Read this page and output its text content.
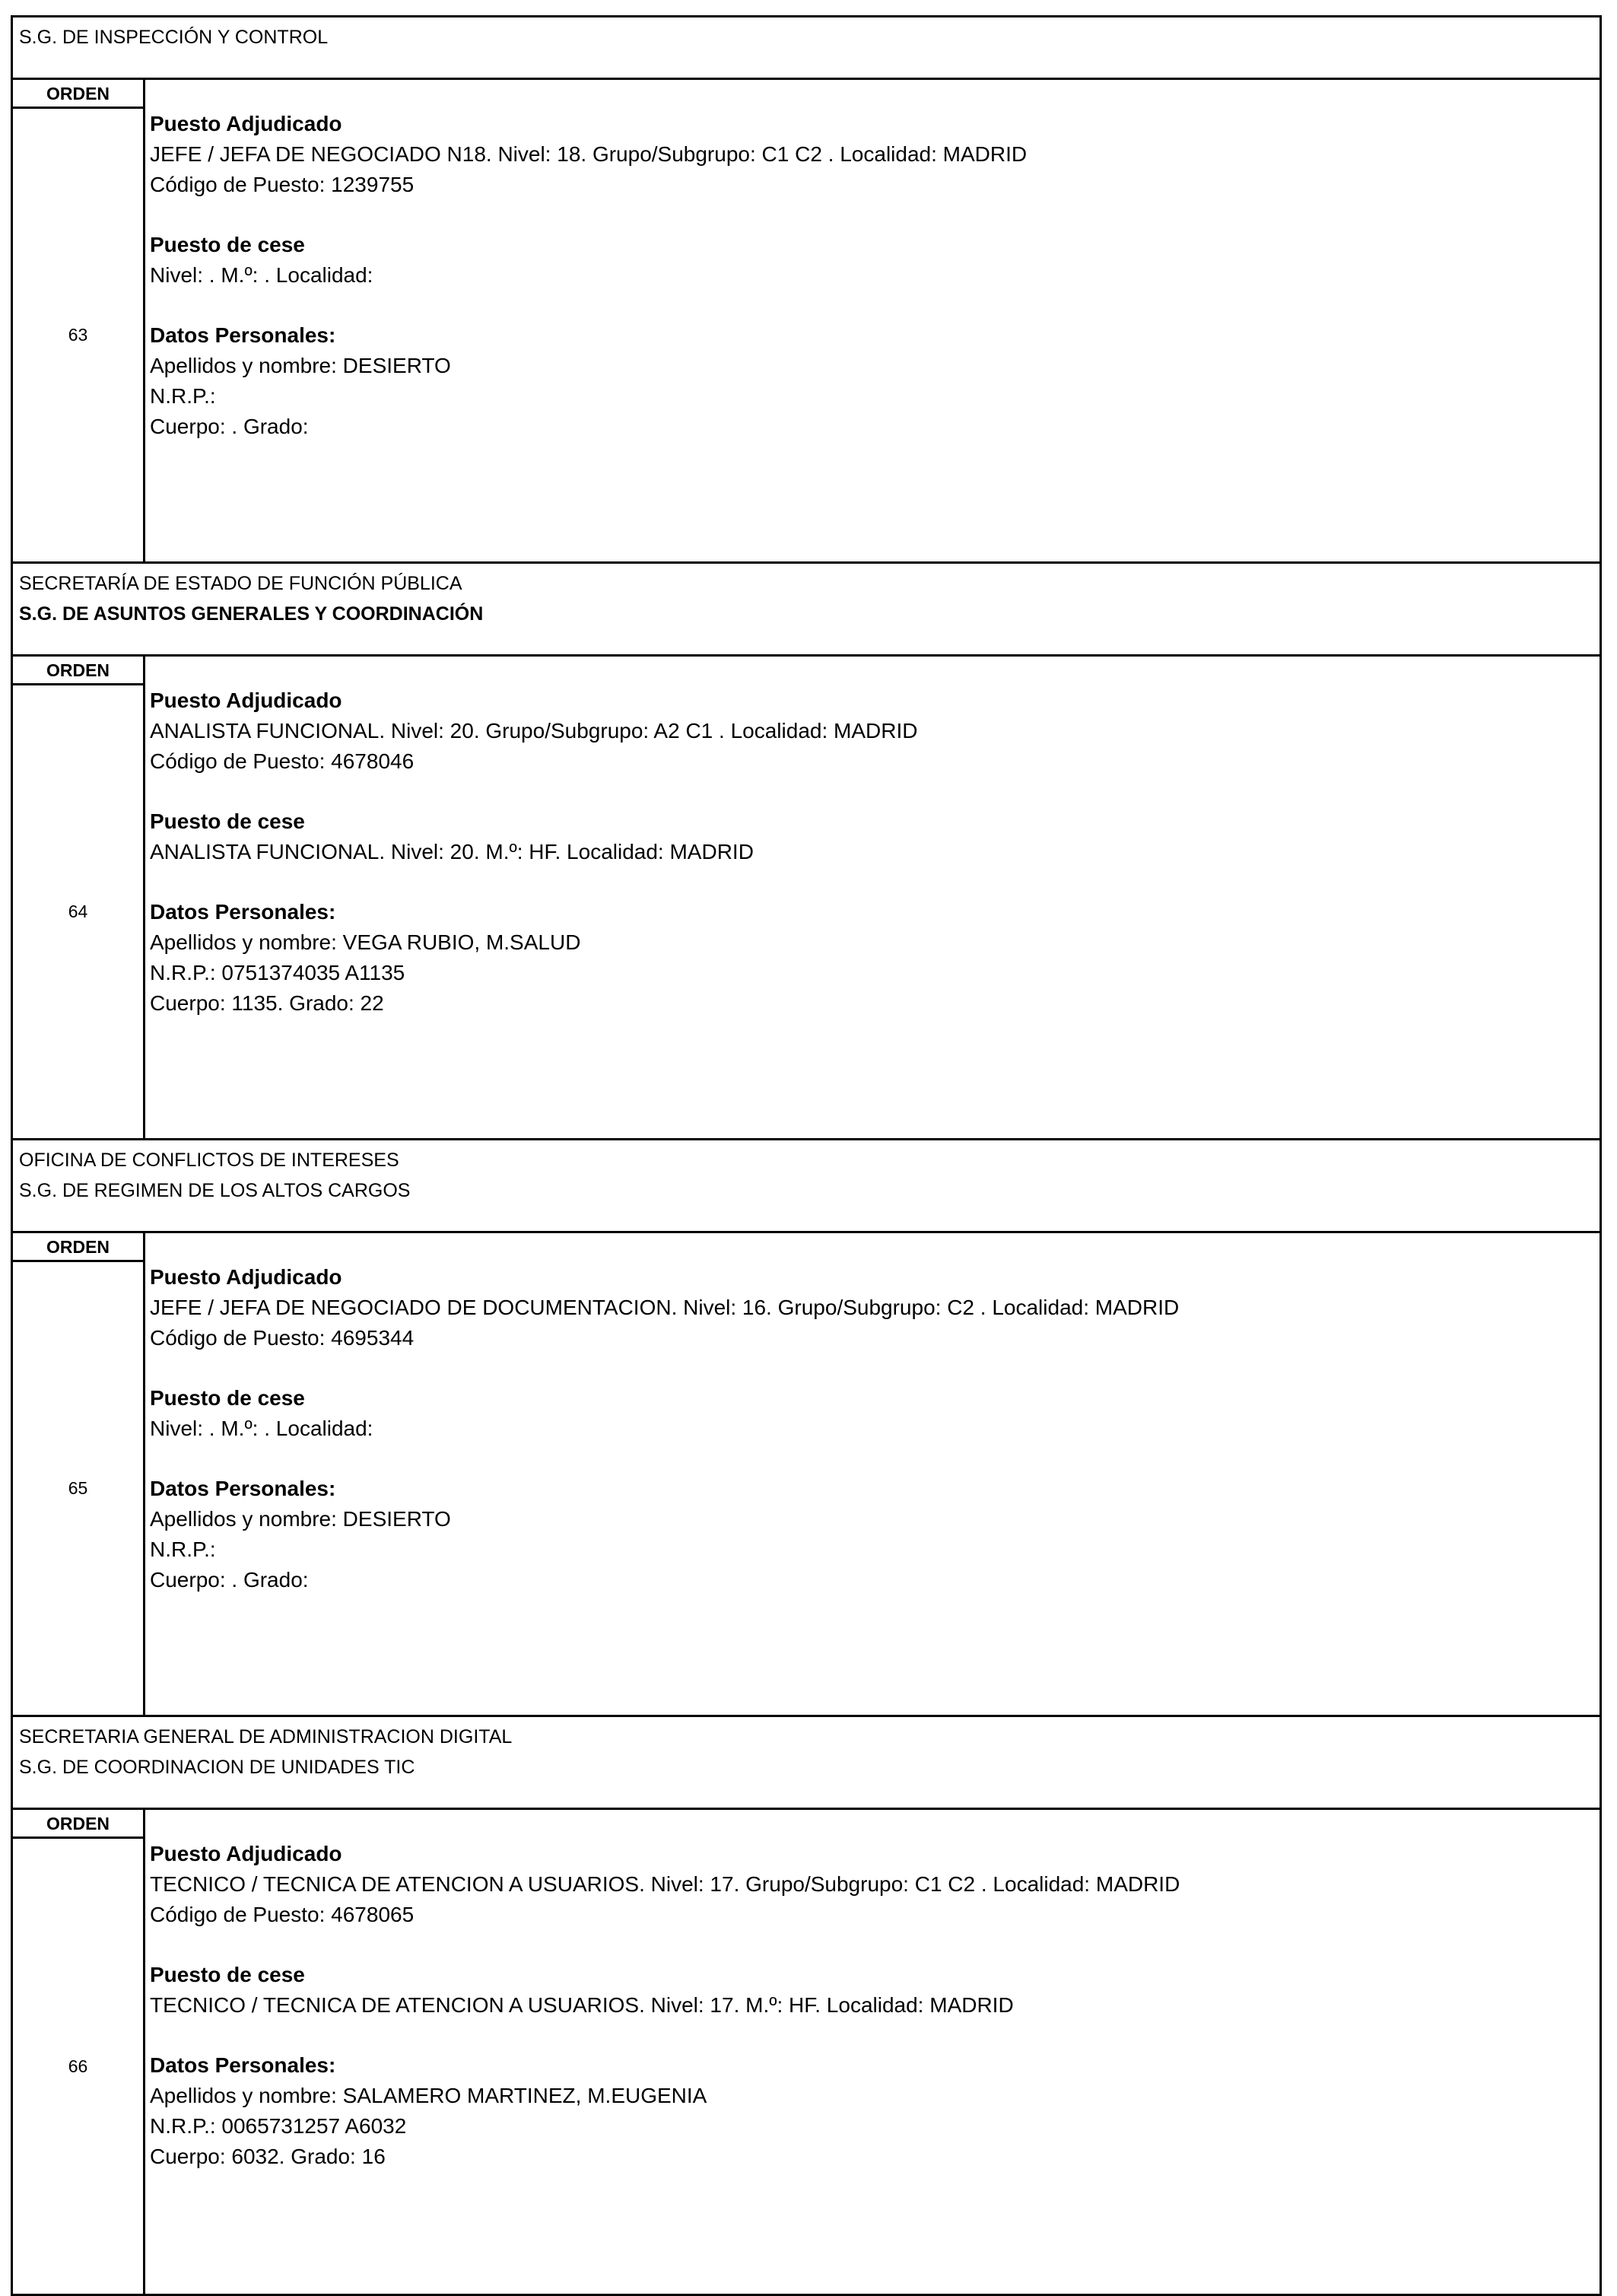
S.G. DE INSPECCIÓN Y CONTROL
ORDEN
63
Puesto Adjudicado
JEFE / JEFA DE NEGOCIADO N18. Nivel: 18. Grupo/Subgrupo: C1 C2 . Localidad: MADRID
Código de Puesto: 1239755
Puesto de cese
Nivel: . M.º: . Localidad:
Datos Personales:
Apellidos y nombre: DESIERTO
N.R.P.:
Cuerpo: . Grado:
SECRETARÍA DE ESTADO DE FUNCIÓN PÚBLICA
S.G. DE ASUNTOS GENERALES Y COORDINACIÓN
ORDEN
64
Puesto Adjudicado
ANALISTA FUNCIONAL. Nivel: 20. Grupo/Subgrupo: A2 C1 . Localidad: MADRID
Código de Puesto: 4678046
Puesto de cese
ANALISTA FUNCIONAL. Nivel: 20. M.º: HF. Localidad: MADRID
Datos Personales:
Apellidos y nombre: VEGA RUBIO, M.SALUD
N.R.P.: 0751374035 A1135
Cuerpo: 1135. Grado: 22
OFICINA DE CONFLICTOS DE INTERESES
S.G. DE REGIMEN DE LOS ALTOS CARGOS
ORDEN
65
Puesto Adjudicado
JEFE / JEFA DE NEGOCIADO DE DOCUMENTACION. Nivel: 16. Grupo/Subgrupo: C2 . Localidad: MADRID
Código de Puesto: 4695344
Puesto de cese
Nivel: . M.º: . Localidad:
Datos Personales:
Apellidos y nombre: DESIERTO
N.R.P.:
Cuerpo: . Grado:
SECRETARIA GENERAL DE ADMINISTRACION DIGITAL
S.G. DE COORDINACION DE UNIDADES TIC
ORDEN
66
Puesto Adjudicado
TECNICO / TECNICA DE ATENCION A USUARIOS. Nivel: 17. Grupo/Subgrupo: C1 C2 . Localidad: MADRID
Código de Puesto: 4678065
Puesto de cese
TECNICO / TECNICA DE ATENCION A USUARIOS. Nivel: 17. M.º: HF. Localidad: MADRID
Datos Personales:
Apellidos y nombre: SALAMERO MARTINEZ, M.EUGENIA
N.R.P.: 0065731257 A6032
Cuerpo: 6032. Grado: 16
